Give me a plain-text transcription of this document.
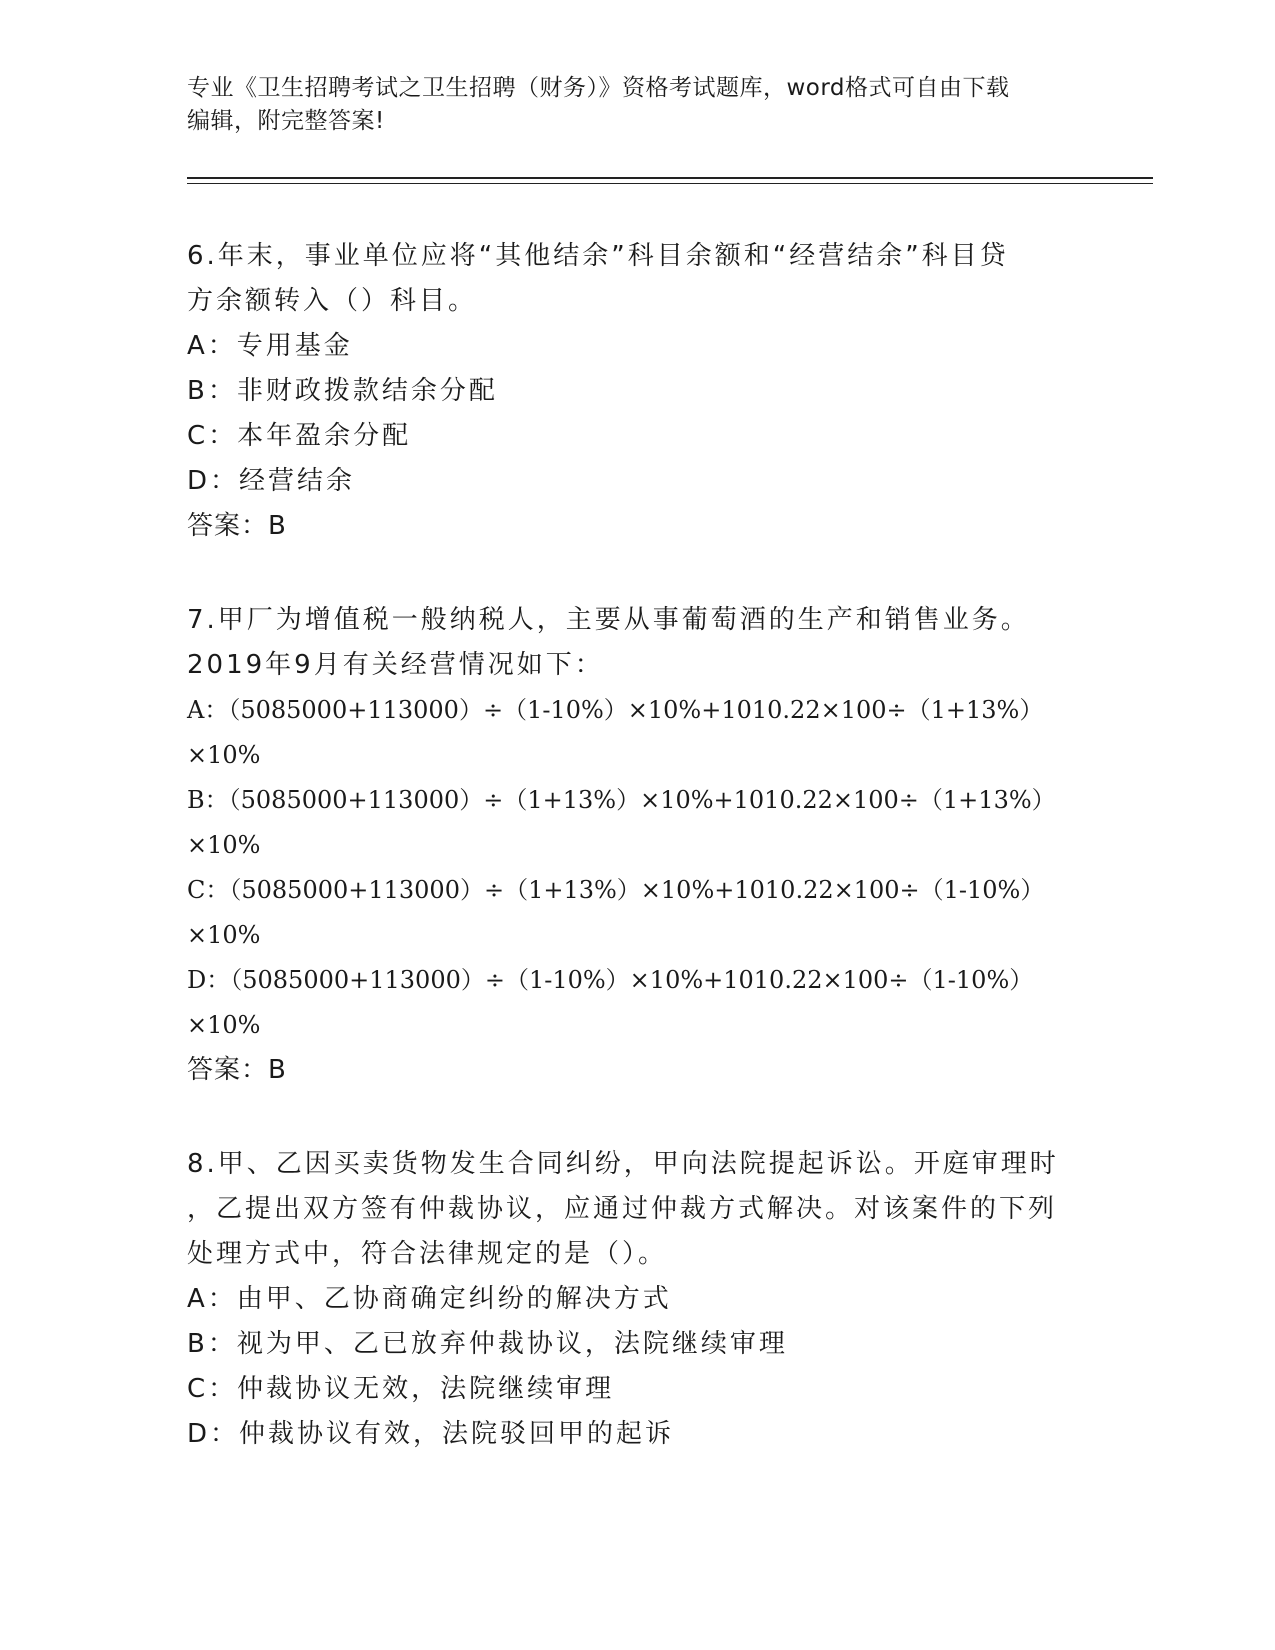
专业《卫生招聘考试之卫生招聘（财务）》资格考试题库，word格式可自由下载
编辑，附完整答案!
6.年末，事业单位应将“其他结余”科目余额和“经营结余”科目贷
方余额转入（）科目。
A：专用基金
B：非财政拨款结余分配
C：本年盈余分配
D：经营结余
答案：B
7.甲厂为增值税一般纳税人，主要从事葡萄酒的生产和销售业务。
2019年9月有关经营情况如下：
A：（5085000+113000）÷（1-10%）×10%+1010.22×100÷（1+13%）
×10%
B：（5085000+113000）÷（1+13%）×10%+1010.22×100÷（1+13%）
×10%
C：（5085000+113000）÷（1+13%）×10%+1010.22×100÷（1-10%）
×10%
D：（5085000+113000）÷（1-10%）×10%+1010.22×100÷（1-10%）
×10%
答案：B
8.甲、乙因买卖货物发生合同纠纷，甲向法院提起诉讼。开庭审理时
，乙提出双方签有仲裁协议，应通过仲裁方式解决。对该案件的下列
处理方式中，符合法律规定的是（）。
A：由甲、乙协商确定纠纷的解决方式
B：视为甲、乙已放弃仲裁协议，法院继续审理
C：仲裁协议无效，法院继续审理
D：仲裁协议有效，法院驳回甲的起诉
